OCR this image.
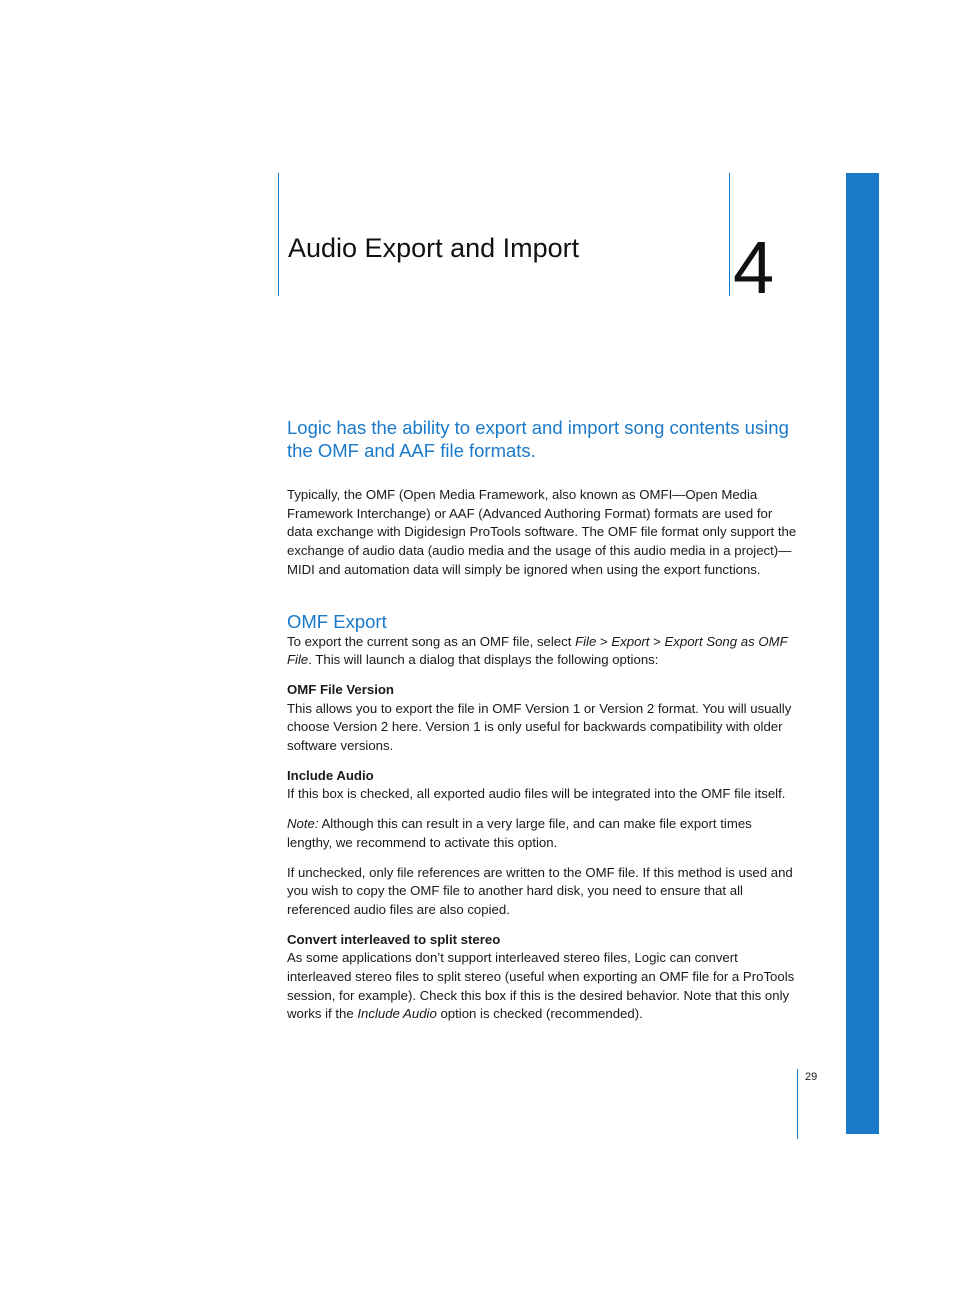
Audio Export and Import 4

Logic has the ability to export and import song contents using the OMF and AAF file formats.

Typically, the OMF (Open Media Framework, also known as OMFI—Open Media Framework Interchange) or AAF (Advanced Authoring Format) formats are used for data exchange with Digidesign ProTools software. The OMF file format only support the exchange of audio data (audio media and the usage of this audio media in a project)—MIDI and automation data will simply be ignored when using the export functions.

OMF Export

To export the current song as an OMF file, select File > Export > Export Song as OMF File. This will launch a dialog that displays the following options:

OMF File Version

This allows you to export the file in OMF Version 1 or Version 2 format. You will usually choose Version 2 here. Version 1 is only useful for backwards compatibility with older software versions.

Include Audio

If this box is checked, all exported audio files will be integrated into the OMF file itself.

Note: Although this can result in a very large file, and can make file export times lengthy, we recommend to activate this option.

If unchecked, only file references are written to the OMF file. If this method is used and you wish to copy the OMF file to another hard disk, you need to ensure that all referenced audio files are also copied.

Convert interleaved to split stereo

As some applications don’t support interleaved stereo files, Logic can convert interleaved stereo files to split stereo (useful when exporting an OMF file for a ProTools session, for example). Check this box if this is the desired behavior. Note that this only works if the Include Audio option is checked (recommended).

29
